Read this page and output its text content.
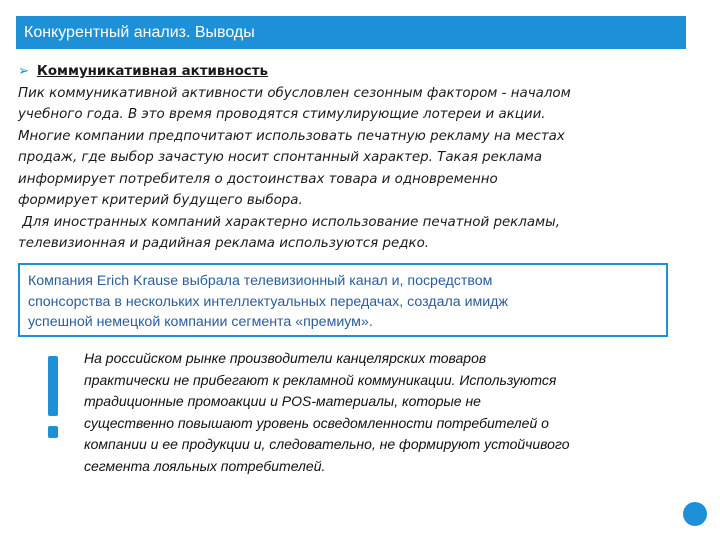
Конкурентный анализ. Выводы
➢ Коммуникативная активность
Пик коммуникативной активности обусловлен сезонным фактором - началом
учебного года. В это время проводятся стимулирующие лотереи и акции.
Многие компании предпочитают использовать печатную рекламу на местах
продаж, где выбор зачастую носит спонтанный характер. Такая реклама
информирует потребителя о достоинствах товара и одновременно
формирует критерий будущего выбора.
Для иностранных компаний характерно использование печатной рекламы,
телевизионная и радийная реклама используются редко.
Компания Erich Krause выбрала телевизионный канал и, посредством
спонсорства в нескольких интеллектуальных передачах, создала имидж
успешной немецкой компании сегмента «премиум».
На российском рынке производители канцелярских товаров
практически не прибегают к рекламной коммуникации. Используются
традиционные промоакции и POS-материалы, которые не
существенно повышают уровень осведомленности потребителей о
компании и ее продукции и, следовательно, не формируют устойчивого
сегмента лояльных потребителей.
